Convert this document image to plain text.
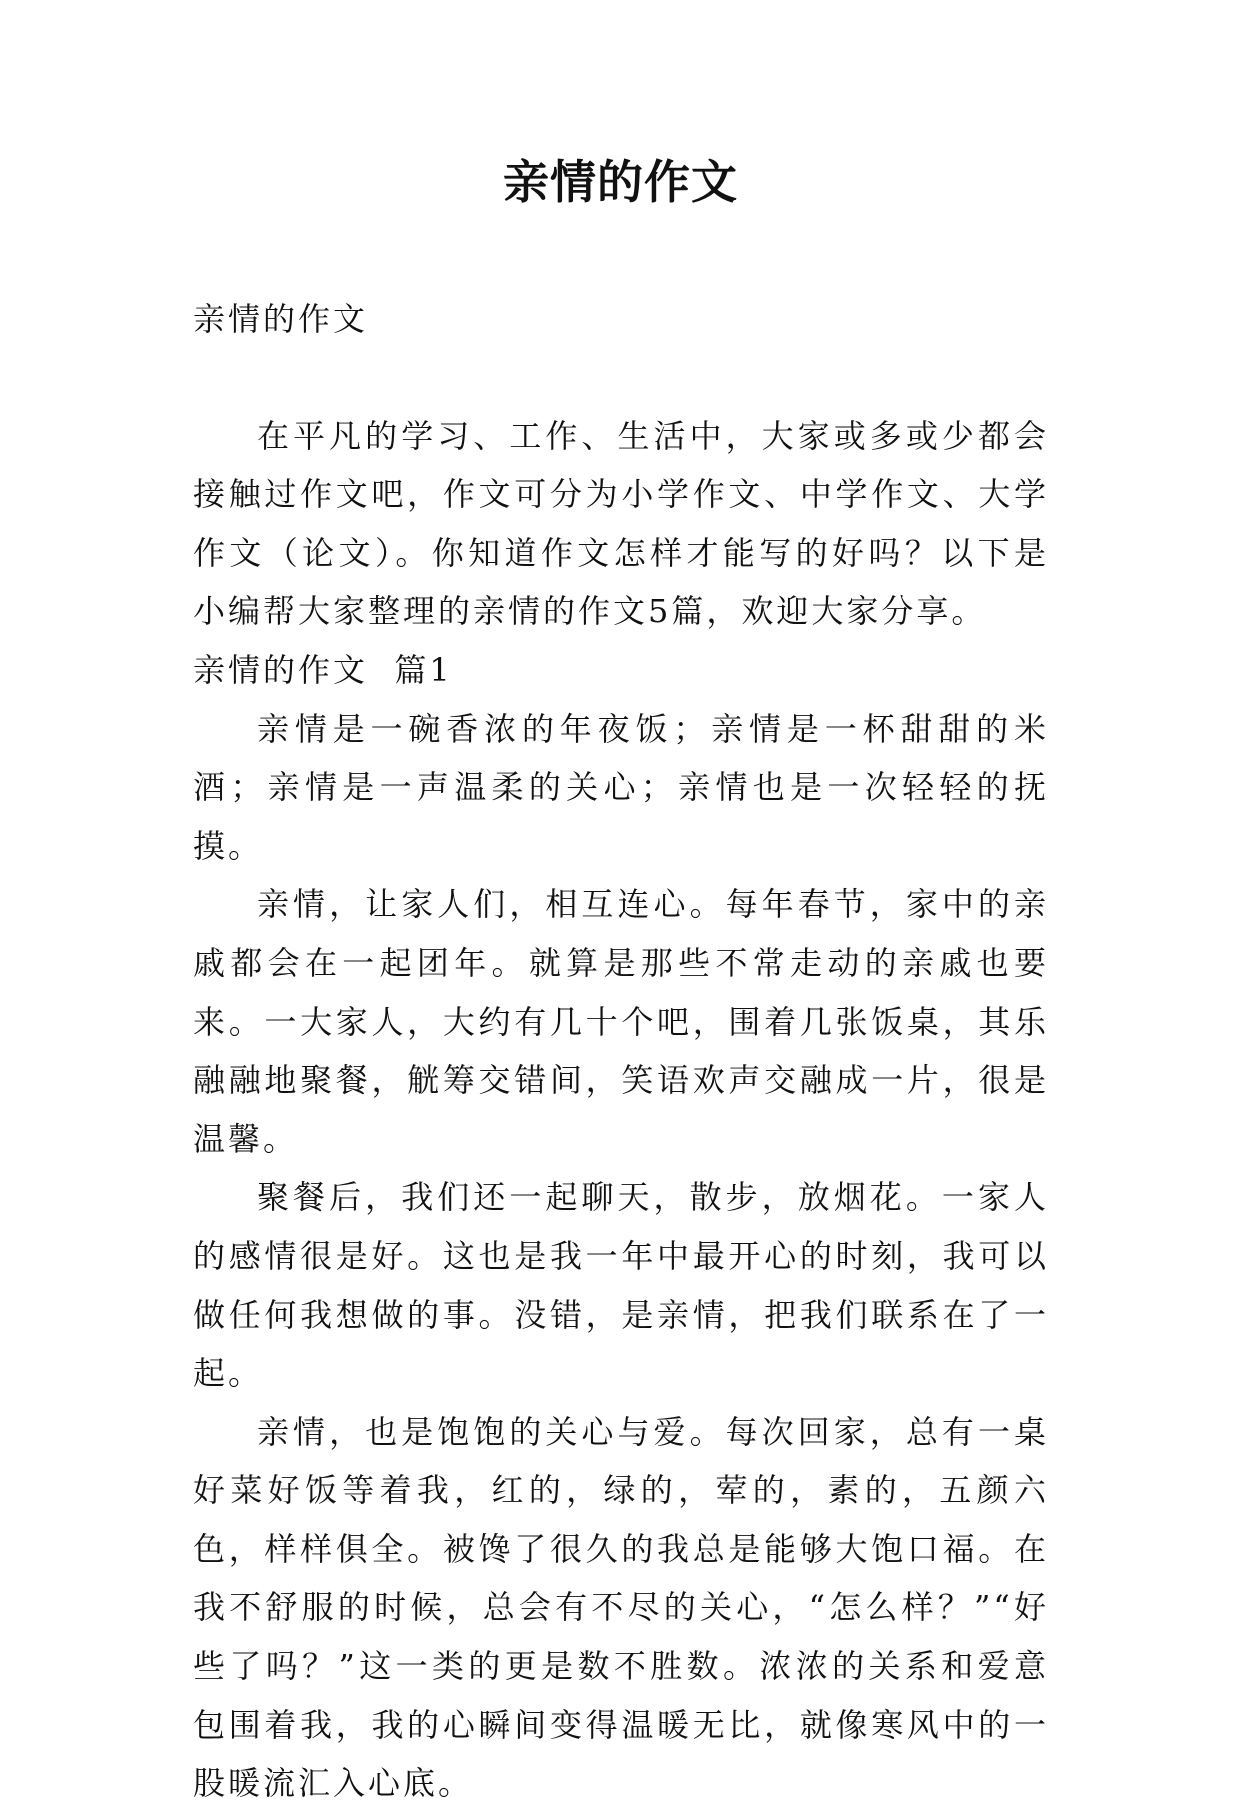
亲情的作文

亲情的作文

在平凡的学习、工作、生活中，大家或多或少都会接触过作文吧，作文可分为小学作文、中学作文、大学作文（论文）。你知道作文怎样才能写的好吗？以下是小编帮大家整理的亲情的作文5篇，欢迎大家分享。

亲情的作文  篇1

亲情是一碗香浓的年夜饭；亲情是一杯甜甜的米酒；亲情是一声温柔的关心；亲情也是一次轻轻的抚摸。

亲情，让家人们，相互连心。每年春节，家中的亲戚都会在一起团年。就算是那些不常走动的亲戚也要来。一大家人，大约有几十个吧，围着几张饭桌，其乐融融地聚餐，觥筹交错间，笑语欢声交融成一片，很是温馨。

聚餐后，我们还一起聊天，散步，放烟花。一家人的感情很是好。这也是我一年中最开心的时刻，我可以做任何我想做的事。没错，是亲情，把我们联系在了一起。

亲情，也是饱饱的关心与爱。每次回家，总有一桌好菜好饭等着我，红的，绿的，荤的，素的，五颜六色，样样俱全。被馋了很久的我总是能够大饱口福。在我不舒服的时候，总会有不尽的关心，“怎么样？”“好些了吗？”这一类的更是数不胜数。浓浓的关系和爱意包围着我，我的心瞬间变得温暖无比，就像寒风中的一股暖流汇入心底。
